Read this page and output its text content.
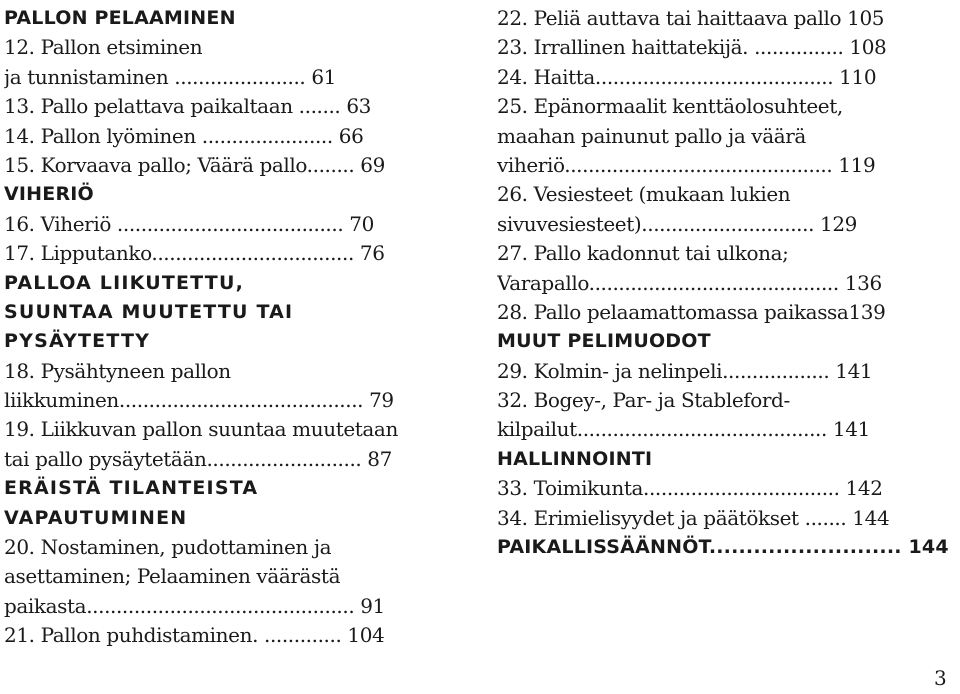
PALLON PELAAMINEN
12. Pallon etsiminen
ja tunnistaminen ...................... 61
13. Pallo pelattava paikaltaan ....... 63
14. Pallon lyöminen ...................... 66
15. Korvaava pallo; Väärä pallo........ 69
VIHERIÖ
16. Viheriö ...................................... 70
17. Lipputanko.................................. 76
PALLOA LIIKUTETTU,
SUUNTAA MUUTETTU TAI
PYSÄYTETTY
18. Pysähtyneen pallon
liikkuminen......................................... 79
19. Liikkuvan pallon suuntaa muutetaan
tai pallo pysäytetään.......................... 87
ERÄISTÄ TILANTEISTA
VAPAUTUMINEN
20. Nostaminen, pudottaminen ja
asettaminen; Pelaaminen väärästä
paikasta............................................. 91
21. Pallon puhdistaminen. ............. 104
22. Peliä auttava tai haittaava pallo 105
23. Irrallinen haittatekijä. ............... 108
24. Haitta........................................ 110
25. Epänormaalit kenttäolosuhteet,
maahan painunut pallo ja väärä
viheriö............................................. 119
26. Vesiesteet (mukaan lukien
sivuvesiesteet)............................. 129
27. Pallo kadonnut tai ulkona;
Varapallo.......................................... 136
28. Pallo pelaamattomassa paikassa139
MUUT PELIMUODOT
29. Kolmin- ja nelinpeli.................. 141
32. Bogey-, Par- ja Stableford-
kilpailut.......................................... 141
HALLINNOINTI
33. Toimikunta................................. 142
34. Erimielisyydet ja päätökset ....... 144
PAIKALLISSÄÄNNÖT.......................... 144
3
